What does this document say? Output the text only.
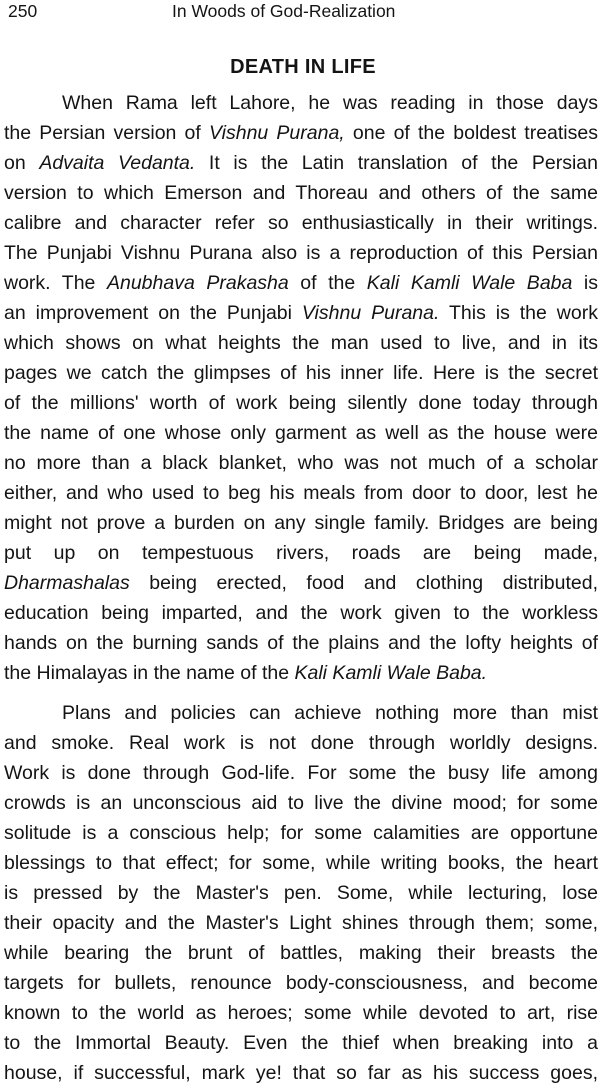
250	In Woods of God-Realization
DEATH IN LIFE
When Rama left Lahore, he was reading in those days
the Persian version of Vishnu Purana, one of the boldest treatises
on Advaita Vedanta. It is the Latin translation of the Persian
version to which Emerson and Thoreau and others of the same
calibre and character refer so enthusiastically in their writings.
The Punjabi Vishnu Purana also is a reproduction of this Persian
work. The Anubhava Prakasha of the Kali Kamli Wale Baba is
an improvement on the Punjabi Vishnu Purana. This is the work
which shows on what heights the man used to live, and in its
pages we catch the glimpses of his inner life. Here is the secret
of the millions' worth of work being silently done today through
the name of one whose only garment as well as the house were
no more than a black blanket, who was not much of a scholar
either, and who used to beg his meals from door to door, lest he
might not prove a burden on any single family. Bridges are being
put up on tempestuous rivers, roads are being made,
Dharmashalas being erected, food and clothing distributed,
education being imparted, and the work given to the workless
hands on the burning sands of the plains and the lofty heights of
the Himalayas in the name of the Kali Kamli Wale Baba.
Plans and policies can achieve nothing more than mist
and smoke. Real work is not done through worldly designs.
Work is done through God-life. For some the busy life among
crowds is an unconscious aid to live the divine mood; for some
solitude is a conscious help; for some calamities are opportune
blessings to that effect; for some, while writing books, the heart
is pressed by the Master's pen. Some, while lecturing, lose
their opacity and the Master's Light shines through them; some,
while bearing the brunt of battles, making their breasts the
targets for bullets, renounce body-consciousness, and become
known to the world as heroes; some while devoted to art, rise
to the Immortal Beauty. Even the thief when breaking into a
house, if successful, mark ye! that so far as his success goes,
